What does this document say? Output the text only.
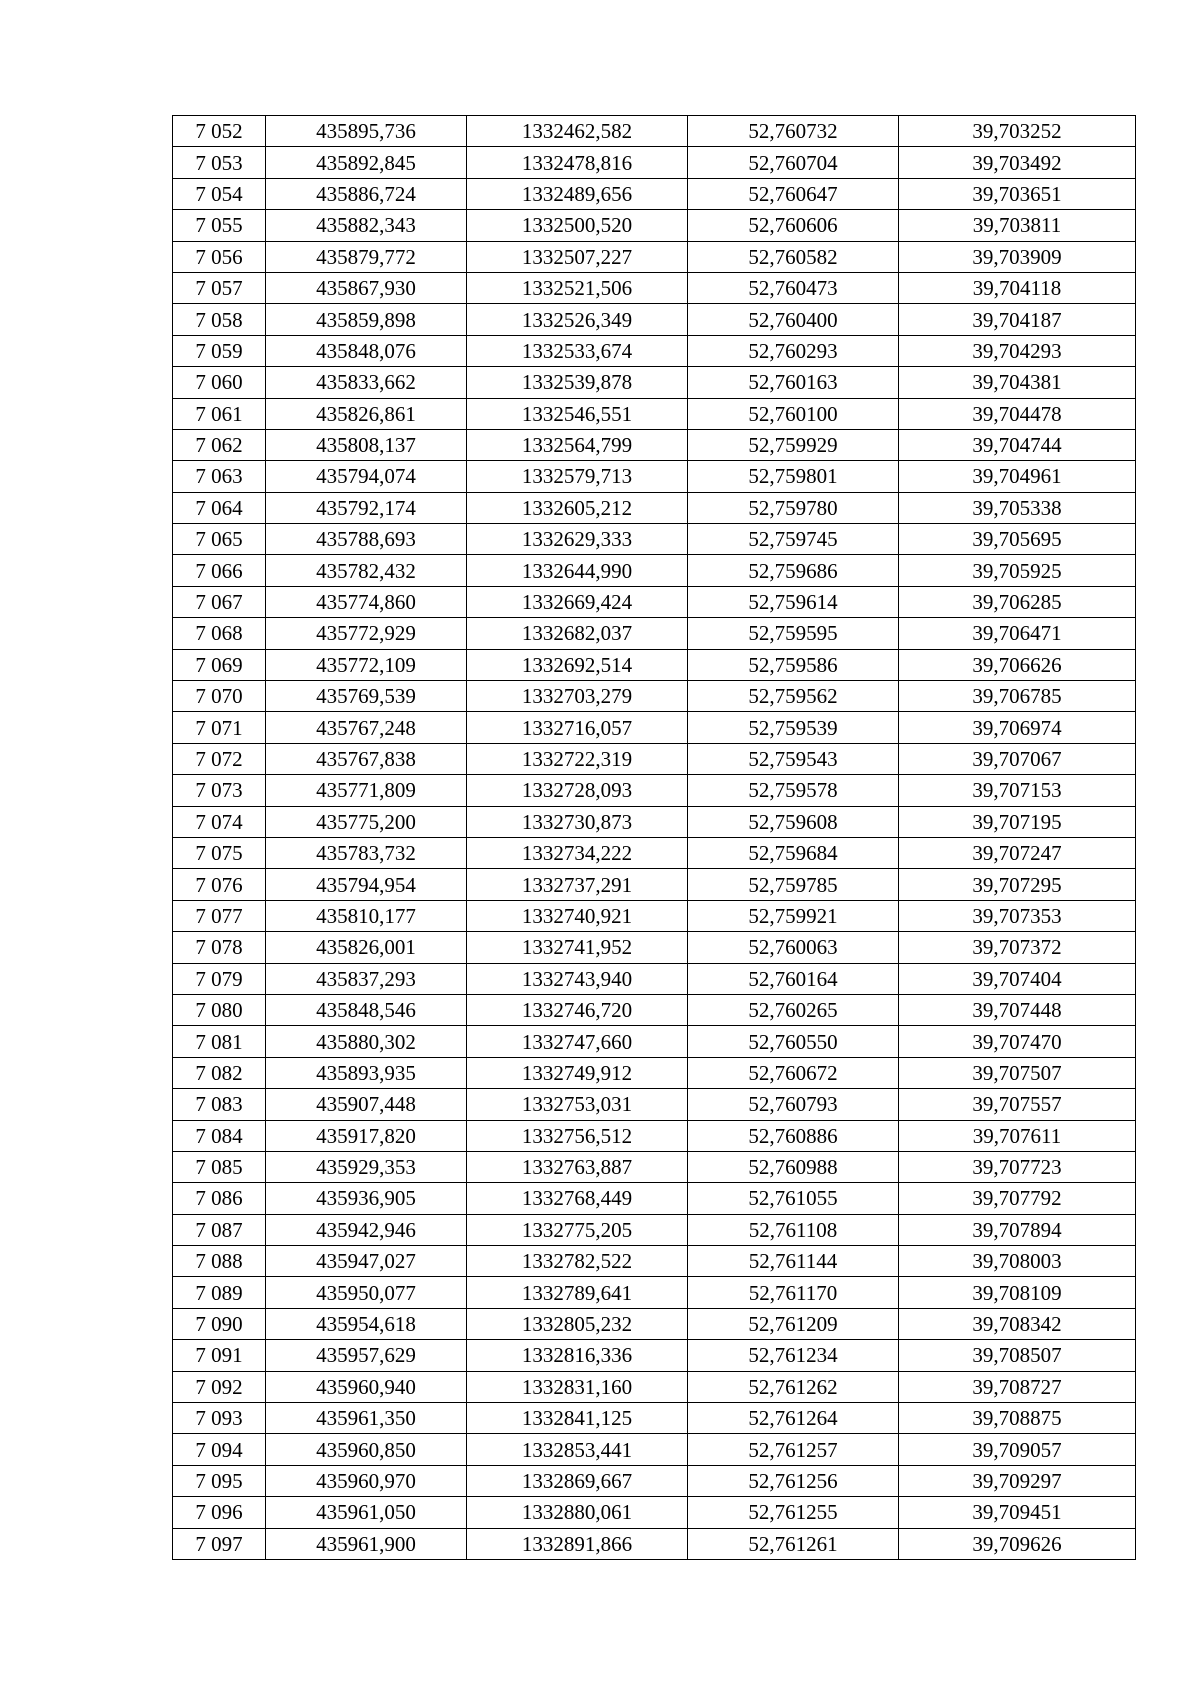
7 052	435895,736	1332462,582	52,760732	39,703252
7 053	435892,845	1332478,816	52,760704	39,703492
7 054	435886,724	1332489,656	52,760647	39,703651
7 055	435882,343	1332500,520	52,760606	39,703811
7 056	435879,772	1332507,227	52,760582	39,703909
7 057	435867,930	1332521,506	52,760473	39,704118
7 058	435859,898	1332526,349	52,760400	39,704187
7 059	435848,076	1332533,674	52,760293	39,704293
7 060	435833,662	1332539,878	52,760163	39,704381
7 061	435826,861	1332546,551	52,760100	39,704478
7 062	435808,137	1332564,799	52,759929	39,704744
7 063	435794,074	1332579,713	52,759801	39,704961
7 064	435792,174	1332605,212	52,759780	39,705338
7 065	435788,693	1332629,333	52,759745	39,705695
7 066	435782,432	1332644,990	52,759686	39,705925
7 067	435774,860	1332669,424	52,759614	39,706285
7 068	435772,929	1332682,037	52,759595	39,706471
7 069	435772,109	1332692,514	52,759586	39,706626
7 070	435769,539	1332703,279	52,759562	39,706785
7 071	435767,248	1332716,057	52,759539	39,706974
7 072	435767,838	1332722,319	52,759543	39,707067
7 073	435771,809	1332728,093	52,759578	39,707153
7 074	435775,200	1332730,873	52,759608	39,707195
7 075	435783,732	1332734,222	52,759684	39,707247
7 076	435794,954	1332737,291	52,759785	39,707295
7 077	435810,177	1332740,921	52,759921	39,707353
7 078	435826,001	1332741,952	52,760063	39,707372
7 079	435837,293	1332743,940	52,760164	39,707404
7 080	435848,546	1332746,720	52,760265	39,707448
7 081	435880,302	1332747,660	52,760550	39,707470
7 082	435893,935	1332749,912	52,760672	39,707507
7 083	435907,448	1332753,031	52,760793	39,707557
7 084	435917,820	1332756,512	52,760886	39,707611
7 085	435929,353	1332763,887	52,760988	39,707723
7 086	435936,905	1332768,449	52,761055	39,707792
7 087	435942,946	1332775,205	52,761108	39,707894
7 088	435947,027	1332782,522	52,761144	39,708003
7 089	435950,077	1332789,641	52,761170	39,708109
7 090	435954,618	1332805,232	52,761209	39,708342
7 091	435957,629	1332816,336	52,761234	39,708507
7 092	435960,940	1332831,160	52,761262	39,708727
7 093	435961,350	1332841,125	52,761264	39,708875
7 094	435960,850	1332853,441	52,761257	39,709057
7 095	435960,970	1332869,667	52,761256	39,709297
7 096	435961,050	1332880,061	52,761255	39,709451
7 097	435961,900	1332891,866	52,761261	39,709626
